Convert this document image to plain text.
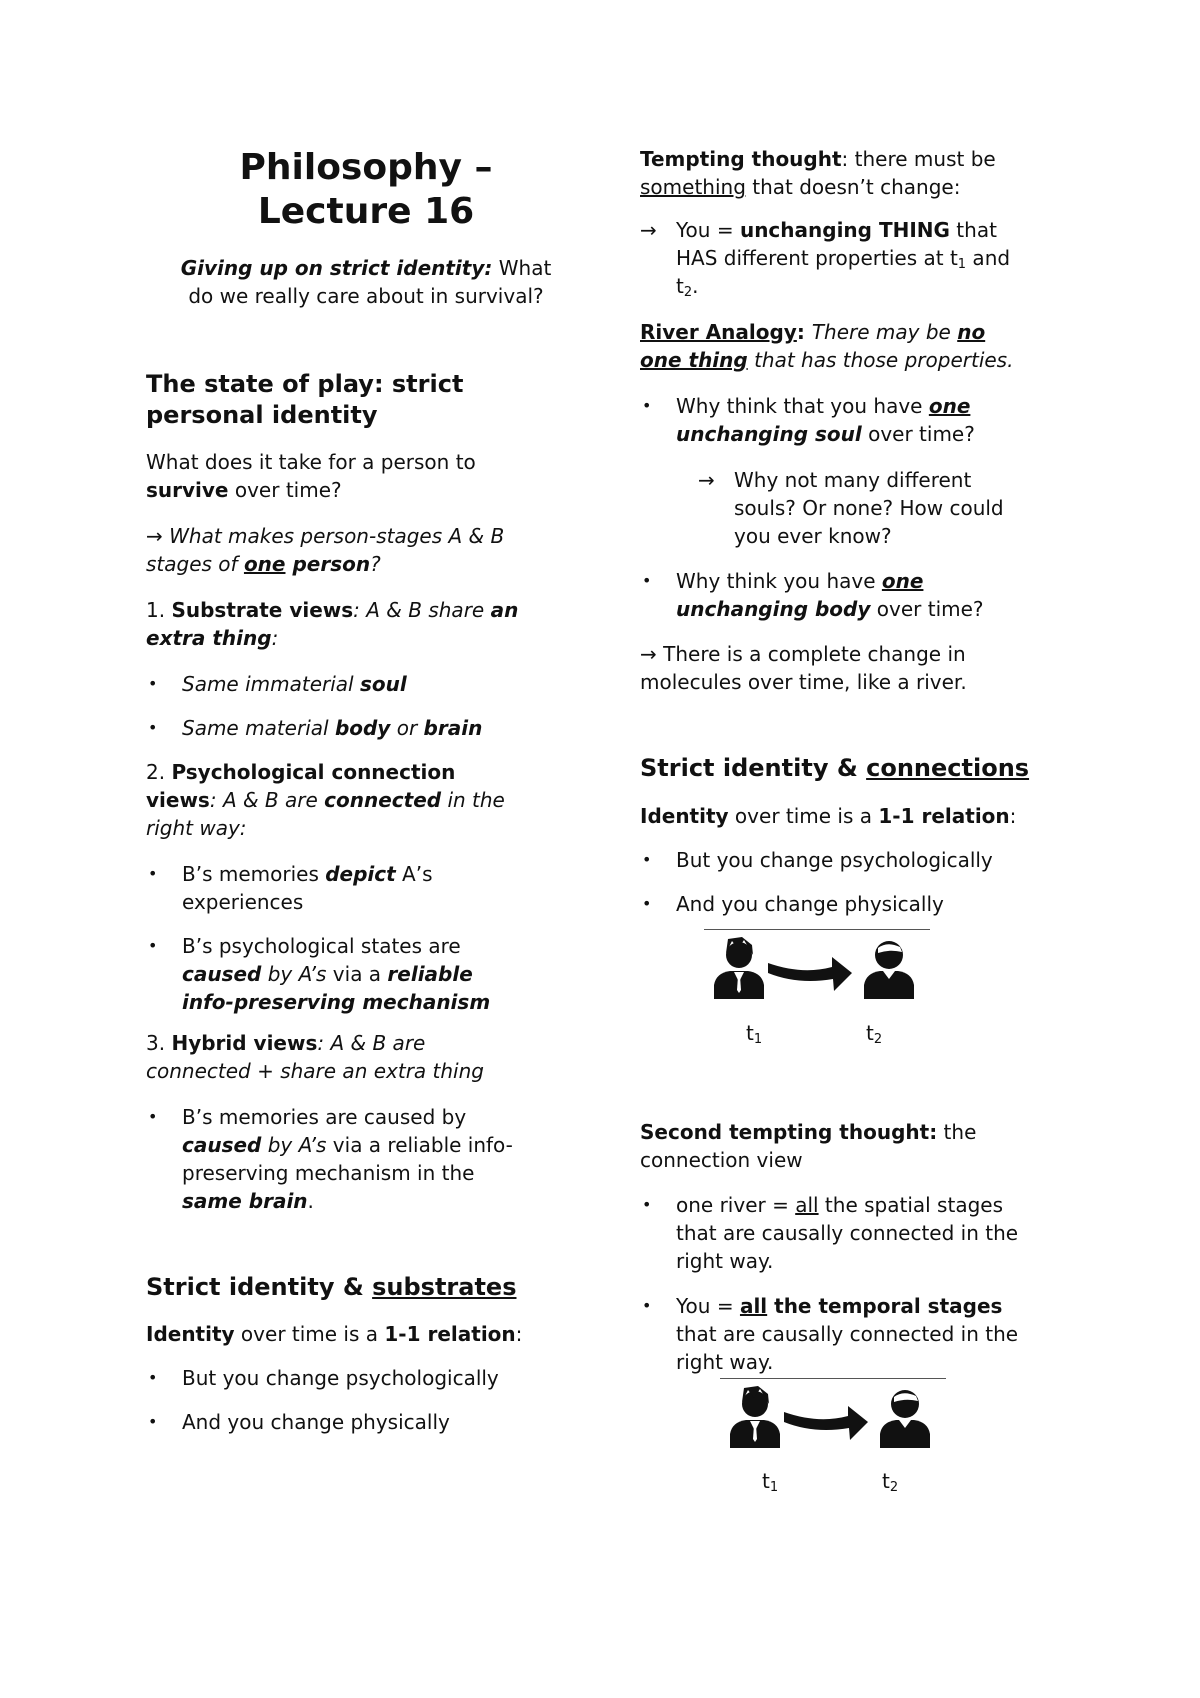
Philosophy –
Lecture 16

Giving up on strict identity: What
do we really care about in survival?

The state of play: strict
personal identity

What does it take for a person to
survive over time?

→ What makes person-stages A & B
stages of one person?

1. Substrate views: A & B share an
extra thing:

• Same immaterial soul

• Same material body or brain

2. Psychological connection
views: A & B are connected in the
right way:

• B’s memories depict A’s
experiences

• B’s psychological states are
caused by A’s via a reliable
info-preserving mechanism

3. Hybrid views: A & B are
connected + share an extra thing

• B’s memories are caused by
caused by A’s via a reliable info-
preserving mechanism in the
same brain.

Strict identity & substrates

Identity over time is a 1-1 relation:

• But you change psychologically

• And you change physically

Tempting thought: there must be
something that doesn’t change:

→ You = unchanging THING that
HAS different properties at $t_1$ and
$t_2$.

River Analogy: There may be no
one thing that has those properties.

• Why think that you have one
unchanging soul over time?

→ Why not many different
souls? Or none? How could
you ever know?

• Why think you have one
unchanging body over time?

→ There is a complete change in
molecules over time, like a river.

Strict identity & connections

Identity over time is a 1-1 relation:

• But you change psychologically

• And you change physically

$t_1$	$t_2$

Second tempting thought: the
connection view

• one river = all the spatial stages
that are causally connected in the
right way.

• You = all the temporal stages
that are causally connected in the
right way.

$t_1$	$t_2$
